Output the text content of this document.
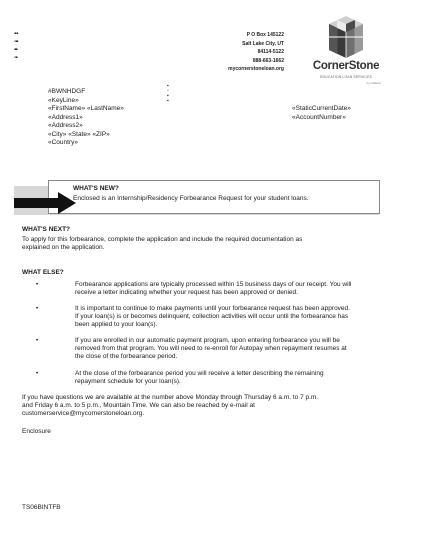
▪▫▪
▫▪▪
▪▪▫
▫▪▫
P O Box 145122
Salt Lake City, UT
84114-5122
888-663-1662
mycornerstoneloan.org	CornerStone
EDUCATION LOAN SERVICES
by UHEAA
#BWNHDGF
«KeyLine»
«FirstName» «LastName»
«Address1»
«Address2»
«City» «State» «ZIP»
«Country»
▪
▫
▪
▪
«StaticCurrentDate»
«AccountNumber»
WHAT'S NEW?
Enclosed is an Internship/Residency Forbearance Request for your student loans.
WHAT'S NEXT?
To apply for this forbearance, complete the application and include the required documentation as
explained on the application.
WHAT ELSE?
•	Forbearance applications are typically processed within 15 business days of our receipt. You will
receive a letter indicating whether your request has been approved or denied.
•	It is important to continue to make payments until your forbearance request has been approved.
If your loan(s) is or becomes delinquent, collection activities will occur until the forbearance has
been applied to your loan(s).
•	If you are enrolled in our automatic payment program, upon entering forbearance you will be
removed from that program. You will need to re-enroll for Autopay when repayment resumes at
the close of the forbearance period.
•	At the close of the forbearance period you will receive a letter describing the remaining
repayment schedule for your loan(s).
If you have questions we are available at the number above Monday through Thursday 6 a.m. to 7 p.m.
and Friday 6 a.m. to 5 p.m., Mountain Time. We can also be reached by e-mail at
customerservice@mycornerstoneloan.org.
Enclosure
TS06BINTFB
